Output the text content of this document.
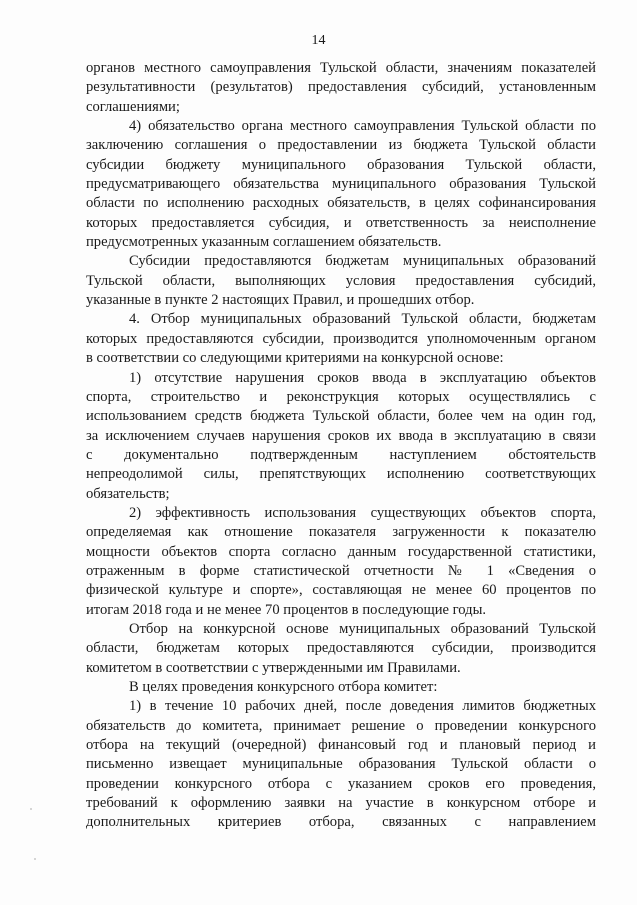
14
органов местного самоуправления Тульской области, значениям показателей
результативности (результатов) предоставления субсидий, установленным
соглашениями;
4) обязательство органа местного самоуправления Тульской области по
заключению соглашения о предоставлении из бюджета Тульской области
субсидии бюджету муниципального образования Тульской области,
предусматривающего обязательства муниципального образования Тульской
области по исполнению расходных обязательств, в целях софинансирования
которых предоставляется субсидия, и ответственность за неисполнение
предусмотренных указанным соглашением обязательств.
Субсидии предоставляются бюджетам муниципальных образований
Тульской области, выполняющих условия предоставления субсидий,
указанные в пункте 2 настоящих Правил, и прошедших отбор.
4. Отбор муниципальных образований Тульской области, бюджетам
которых предоставляются субсидии, производится уполномоченным органом
в соответствии со следующими критериями на конкурсной основе:
1) отсутствие нарушения сроков ввода в эксплуатацию объектов
спорта, строительство и реконструкция которых осуществлялись с
использованием средств бюджета Тульской области, более чем на один год,
за исключением случаев нарушения сроков их ввода в эксплуатацию в связи
с документально подтвержденным наступлением обстоятельств
непреодолимой силы, препятствующих исполнению соответствующих
обязательств;
2) эффективность использования существующих объектов спорта,
определяемая как отношение показателя загруженности к показателю
мощности объектов спорта согласно данным государственной статистики,
отраженным в форме статистической отчетности № 1 «Сведения о
физической культуре и спорте», составляющая не менее 60 процентов по
итогам 2018 года и не менее 70 процентов в последующие годы.
Отбор на конкурсной основе муниципальных образований Тульской
области, бюджетам которых предоставляются субсидии, производится
комитетом в соответствии с утвержденными им Правилами.
В целях проведения конкурсного отбора комитет:
1) в течение 10 рабочих дней, после доведения лимитов бюджетных
обязательств до комитета, принимает решение о проведении конкурсного
отбора на текущий (очередной) финансовый год и плановый период и
письменно извещает муниципальные образования Тульской области о
проведении конкурсного отбора с указанием сроков его проведения,
требований к оформлению заявки на участие в конкурсном отборе и
дополнительных критериев отбора, связанных с направлением
